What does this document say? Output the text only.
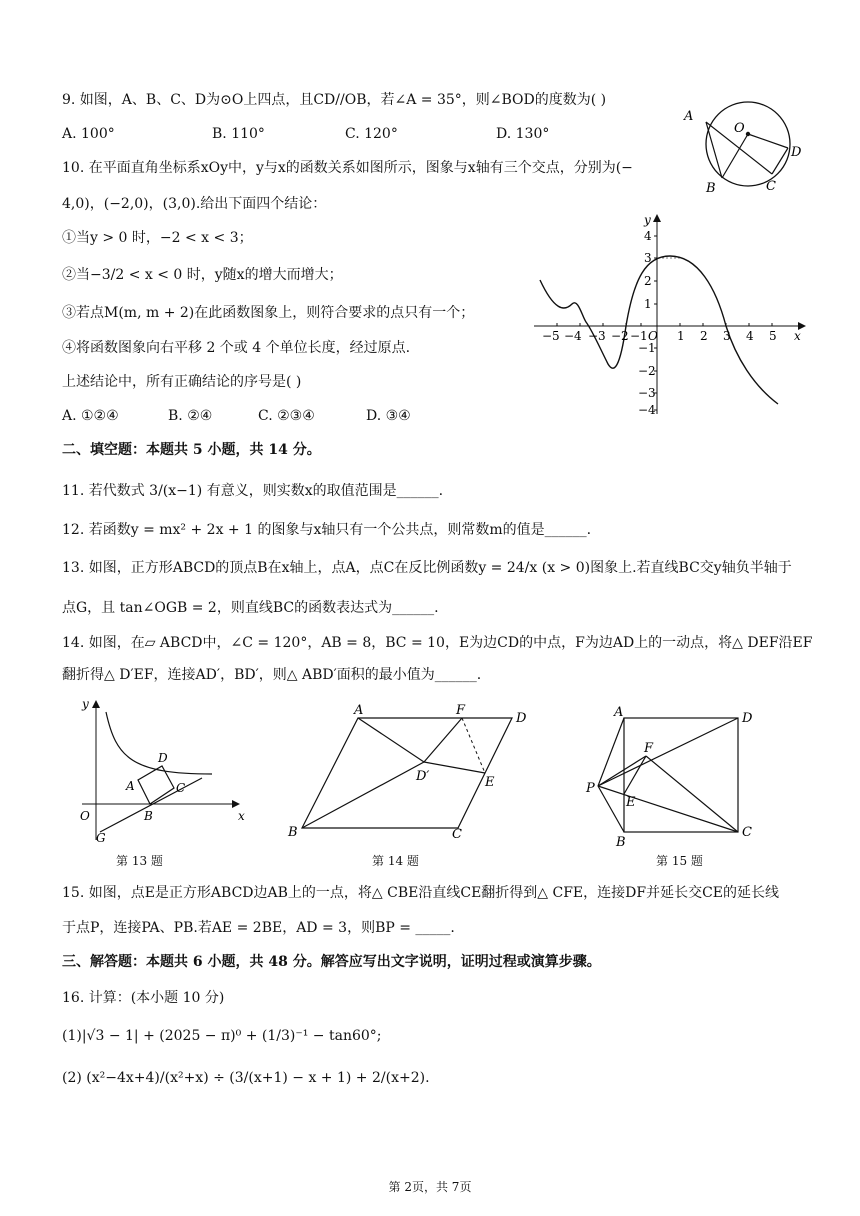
9. 如图，A、B、C、D为⊙O上四点，且CD//OB，若∠A = 35°，则∠BOD的度数为( )
A. 100°	B. 110°	C. 120°	D. 130°
A
O
D
B	C
10. 在平面直角坐标系xOy中，y与x的函数关系如图所示，图象与x轴有三个交点，分别为(−
4,0)，(−2,0)，(3,0).给出下面四个结论：
①当y > 0 时，−2 < x < 3；
②当−3/2 < x < 0 时，y随x的增大而增大；
③若点M(m, m + 2)在此函数图象上，则符合要求的点只有一个；
④将函数图象向右平移 2 个或 4 个单位长度，经过原点.
上述结论中，所有正确结论的序号是( )
A. ①②④	B. ②④	C. ②③④	D. ③④
−5 −4 −3 −2 −1 O 1 2 3 4 5 x
y
4
3
2
1
−1
−2
−3
−4
二、填空题：本题共 5 小题，共 14 分。
11. 若代数式 3/(x−1) 有意义，则实数x的取值范围是______.
12. 若函数y = mx² + 2x + 1 的图象与x轴只有一个公共点，则常数m的值是______.
13. 如图，正方形ABCD的顶点B在x轴上，点A，点C在反比例函数y = 24/x (x > 0)图象上.若直线BC交y轴负半轴于
点G，且 tan∠OGB = 2，则直线BC的函数表达式为______.
14. 如图，在▱ ABCD中，∠C = 120°，AB = 8，BC = 10，E为边CD的中点，F为边AD上的一动点，将△ DEF沿EF
翻折得△ D′EF，连接AD′，BD′，则△ ABD′面积的最小值为______.
y
D
A	C
O	B
G
x
第 13 题
A	F
D
D′	E
B	C
第 14 题
A	D
F
P
E
B
C
第 15 题
15. 如图，点E是正方形ABCD边AB上的一点，将△ CBE沿直线CE翻折得到△ CFE，连接DF并延长交CE的延长线
于点P，连接PA、PB.若AE = 2BE，AD = 3，则BP = _____.
三、解答题：本题共 6 小题，共 48 分。解答应写出文字说明，证明过程或演算步骤。
16. 计算：(本小题 10 分)
(1)|√3 − 1| + (2025 − π)⁰ + (1/3)⁻¹ − tan60°;
(2) (x²−4x+4)/(x²+x) ÷ (3/(x+1) − x + 1) + 2/(x+2).
第 2页，共 7页
